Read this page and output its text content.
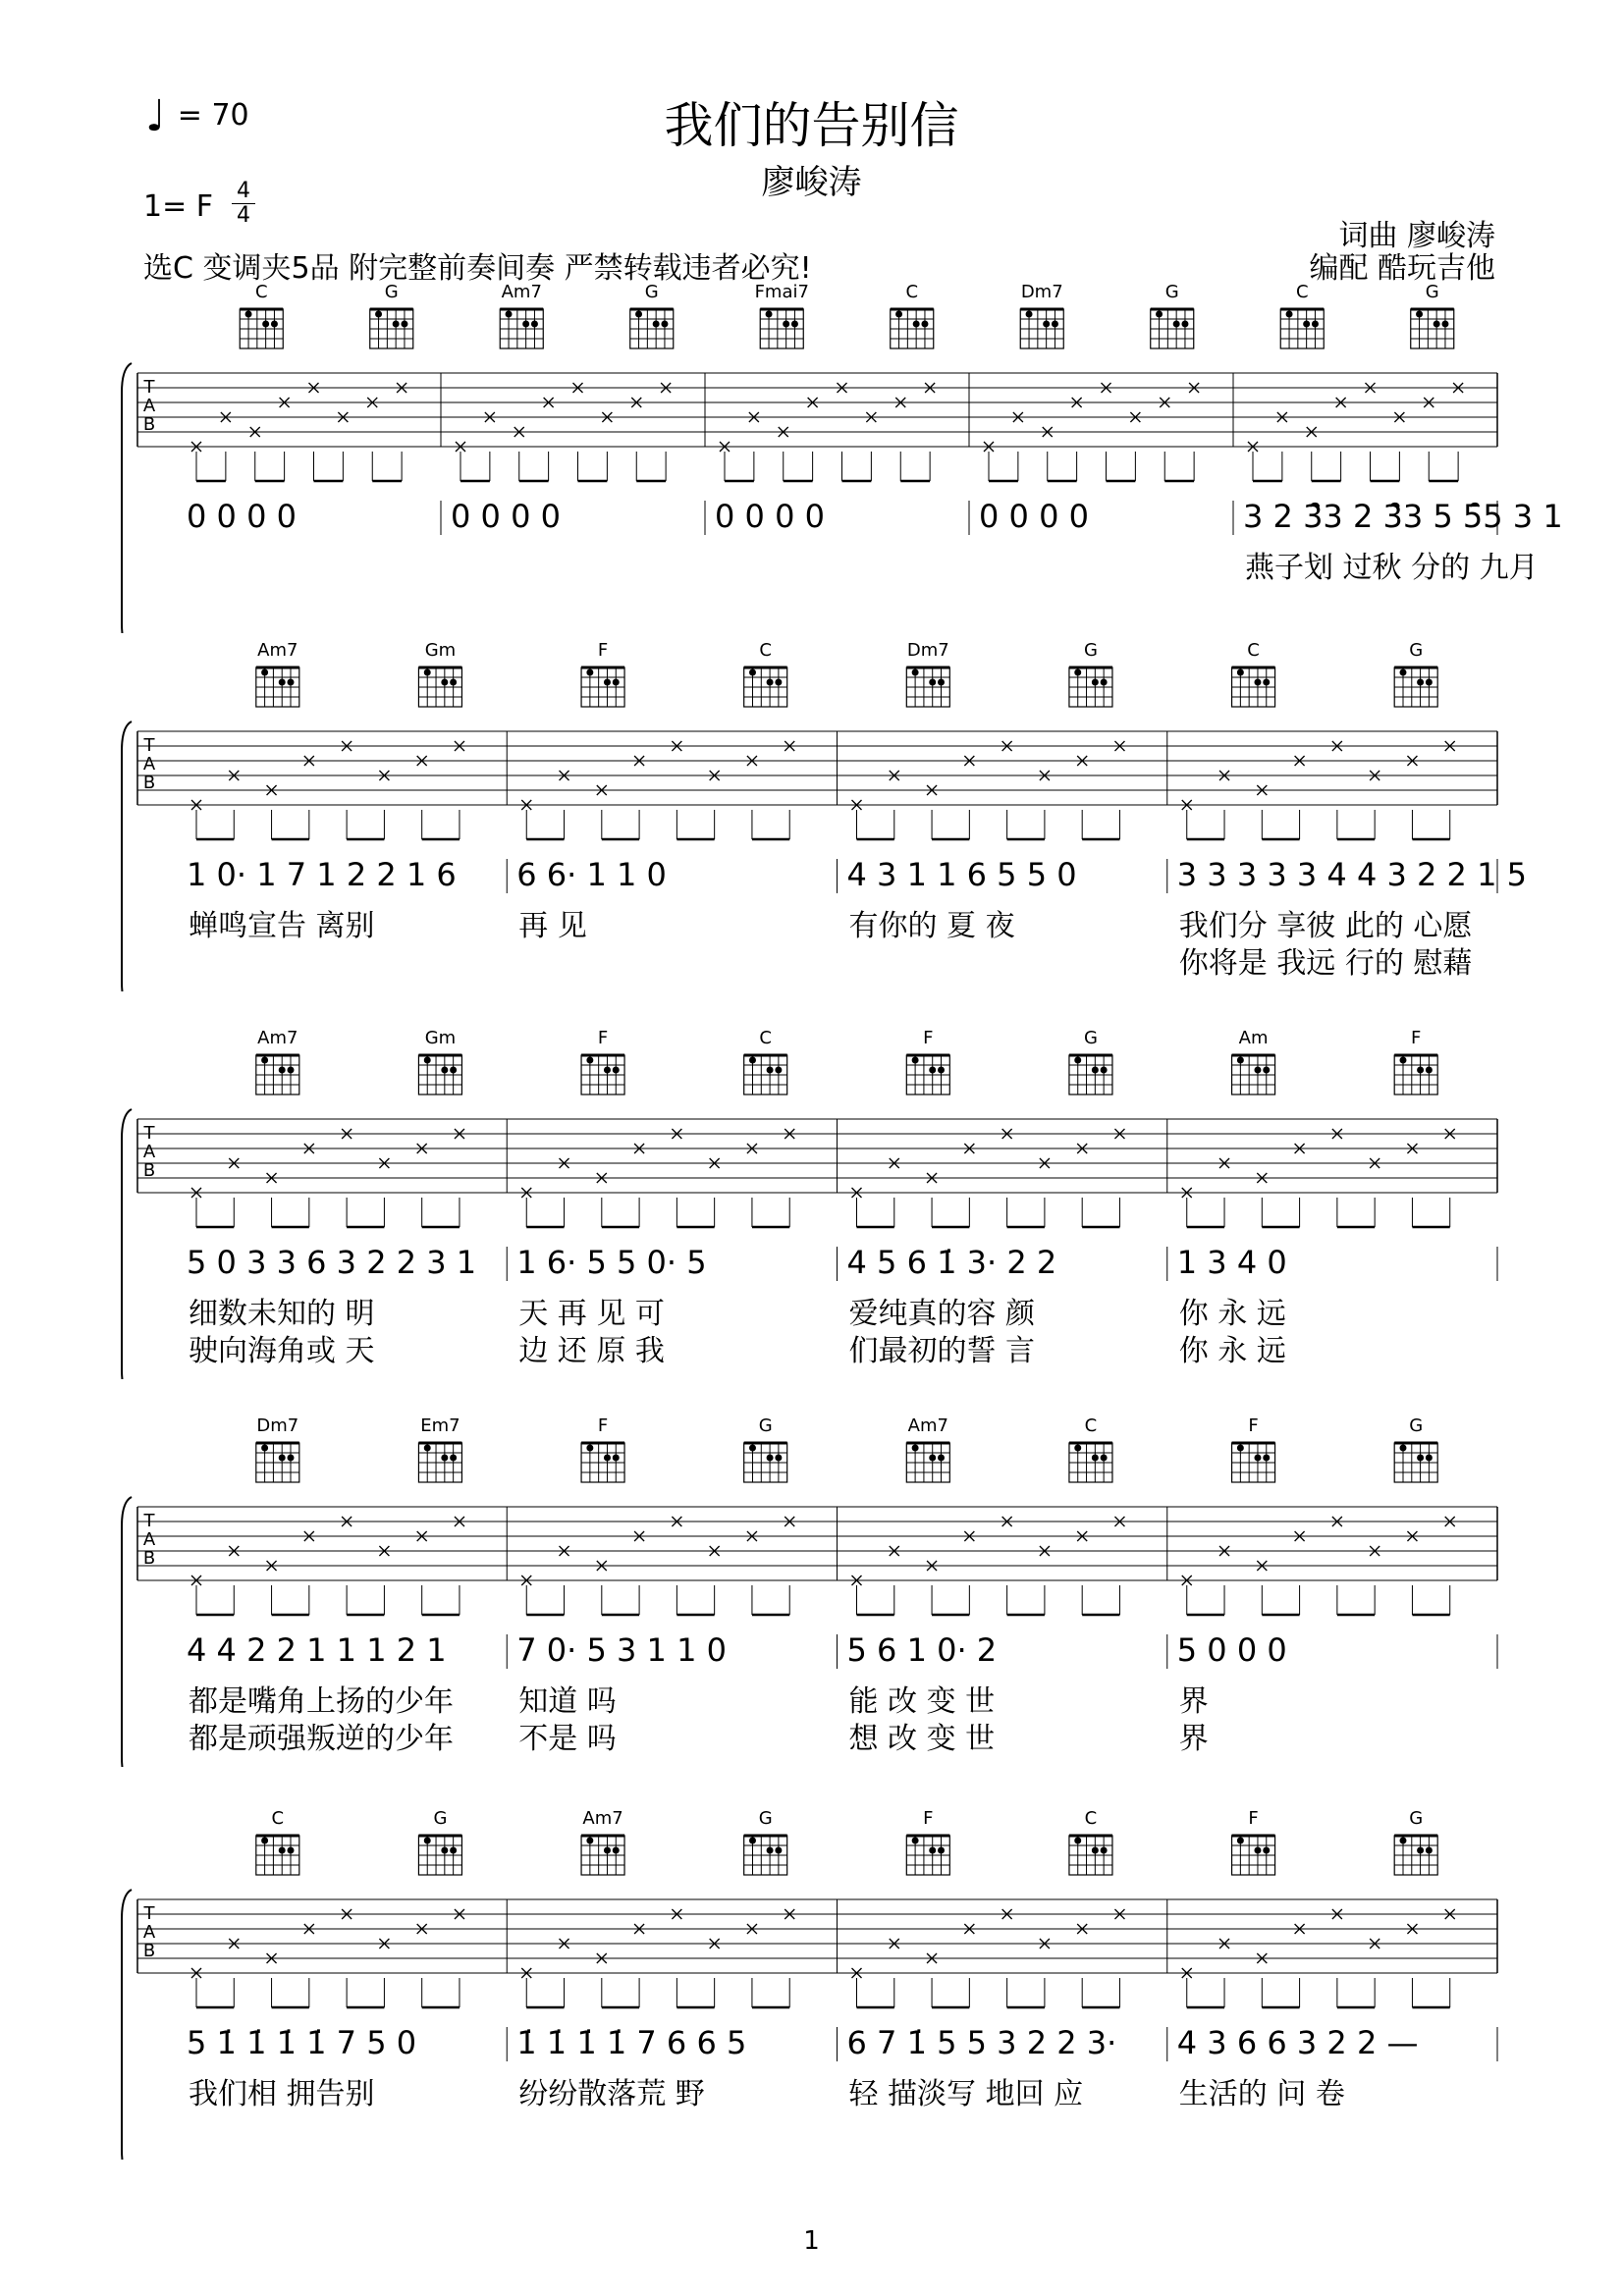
我们的告别信
廖峻涛
♩ = 70
1= F 4
4
选C 变调夹5品 附完整前奏间奏 严禁转载违者必究!
词曲 廖峻涛
编配 酷玩吉他
C	G	Am7	G	Fmai7	C	Dm7	G	C	G
T
A
B
0 0 0 0
燕子划 过秋 分的 九月
0 0 0 0	0 0 0 0	0 0 0 0	3 2 3̑3 2 3̑3 5 5̑5 3 1
Am7	Gm	F	C	Dm7	G	C	G
T
A
B
1 0· 1 7 1 2 2 1 6
蝉鸣宣告 离别
6 6· 1 1 0
再 见
4 3 1 1 6 5 5 0
有你的 夏 夜
3 3 3 3 3 4 4 3 2 2 1 5
我们分 享彼 此的 心愿
你将是 我远 行的 慰藉
Am7	Gm	F	C	F	G	Am	F
T
A
B
5 0 3 3 6 3 2 2 3 1
细数未知的 明
驶向海角或 天
1 6· 5 5 0· 5
天 再 见 可
边 还 原 我
4 5 6 1̇ 3· 2 2
爱纯真的容 颜
们最初的誓 言
1 3 4 0
你 永 远
你 永 远
Dm7	Em7	F	G	Am7	C	F	G
T
A
B
4 4 2 2 1 1 1 2 1
都是嘴角上扬的少年
都是顽强叛逆的少年
7 0· 5 3 1 1 0
知道 吗
不是 吗
5 6 1 0· 2
能 改 变 世
想 改 变 世
5 0 0 0
界
界
C	G	Am7	G	F	C	F	G
T
A
B
5 1̇ 1̇ 1̇ 1̇ 7 5 0
我们相 拥告别
1̇ 1̇ 1̇ 1̇ 7 6 6 5
纷纷散落荒 野
6 7 1̇ 5 5 3 2 2 3·
轻 描淡写 地回 应
4 3 6 6 3 2 2 —
生活的 问 卷
1
